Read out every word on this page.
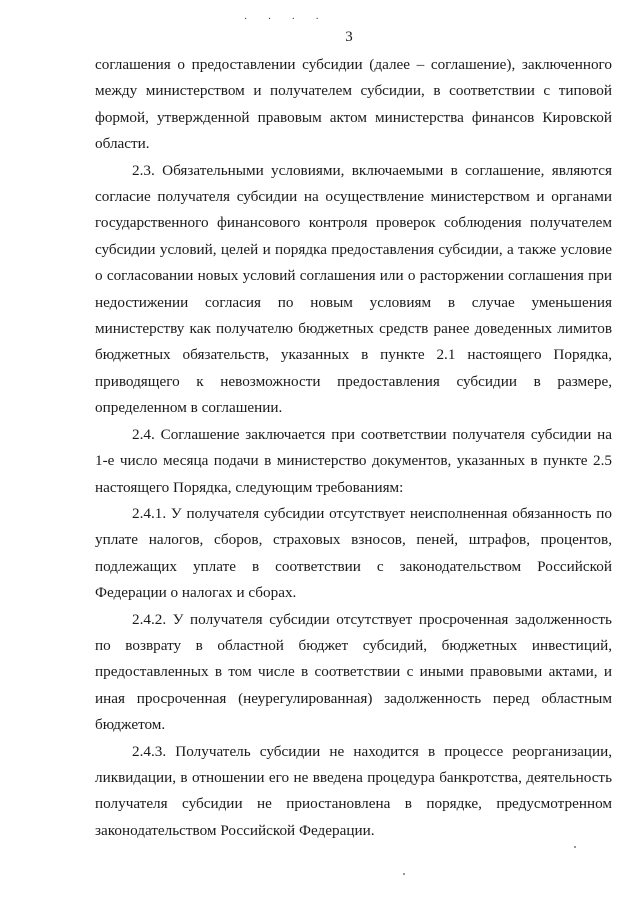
· · · ·
3

соглашения о предоставлении субсидии (далее – соглашение), заключенного между министерством и получателем субсидии, в соответствии с типовой формой, утвержденной правовым актом министерства финансов Кировской области.

2.3. Обязательными условиями, включаемыми в соглашение, являются согласие получателя субсидии на осуществление министерством и органами государственного финансового контроля проверок соблюдения получателем субсидии условий, целей и порядка предоставления субсидии, а также условие о согласовании новых условий соглашения или о расторжении соглашения при недостижении согласия по новым условиям в случае уменьшения министерству как получателю бюджетных средств ранее доведенных лимитов бюджетных обязательств, указанных в пункте 2.1 настоящего Порядка, приводящего к невозможности предоставления субсидии в размере, определенном в соглашении.

2.4. Соглашение заключается при соответствии получателя субсидии на 1-е число месяца подачи в министерство документов, указанных в пункте 2.5 настоящего Порядка, следующим требованиям:

2.4.1. У получателя субсидии отсутствует неисполненная обязанность по уплате налогов, сборов, страховых взносов, пеней, штрафов, процентов, подлежащих уплате в соответствии с законодательством Российской Федерации о налогах и сборах.

2.4.2. У получателя субсидии отсутствует просроченная задолженность по возврату в областной бюджет субсидий, бюджетных инвестиций, предоставленных в том числе в соответствии с иными правовыми актами, и иная просроченная (неурегулированная) задолженность перед областным бюджетом.

2.4.3. Получатель субсидии не находится в процессе реорганизации, ликвидации, в отношении его не введена процедура банкротства, деятельность получателя субсидии не приостановлена в порядке, предусмотренном законодательством Российской Федерации.
